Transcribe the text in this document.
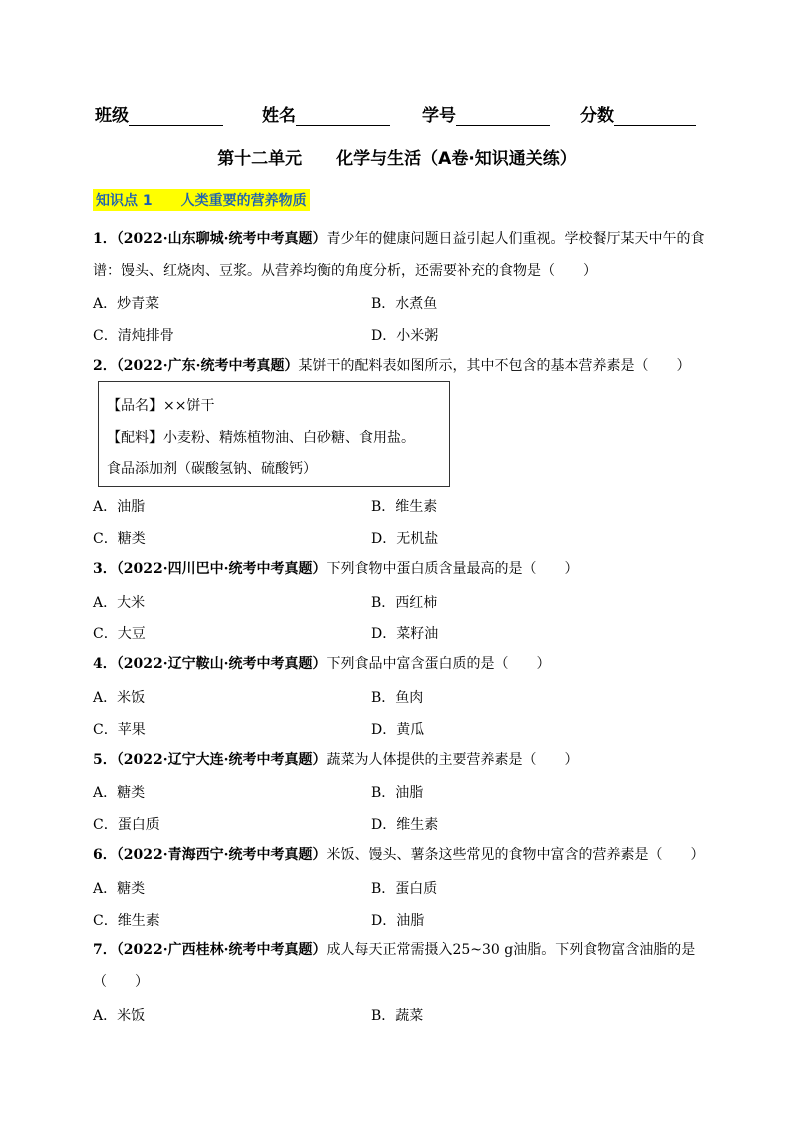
班级	姓名	学号	分数
第十二单元　　化学与生活（A卷·知识通关练）
知识点 1　　人类重要的营养物质
1．（2022·山东聊城·统考中考真题）青少年的健康问题日益引起人们重视。学校餐厅某天中午的食谱：馒头、红烧肉、豆浆。从营养均衡的角度分析，还需要补充的食物是（　　）
A．炒青菜	B．水煮鱼
C．清炖排骨	D．小米粥
2．（2022·广东·统考中考真题）某饼干的配料表如图所示，其中不包含的基本营养素是（　　）
【品名】××饼干
【配料】小麦粉、精炼植物油、白砂糖、食用盐。
食品添加剂（碳酸氢钠、硫酸钙）
A．油脂	B．维生素
C．糖类	D．无机盐
3．（2022·四川巴中·统考中考真题）下列食物中蛋白质含量最高的是（　　）
A．大米	B．西红柿
C．大豆	D．菜籽油
4．（2022·辽宁鞍山·统考中考真题）下列食品中富含蛋白质的是（　　）
A．米饭	B．鱼肉
C．苹果	D．黄瓜
5．（2022·辽宁大连·统考中考真题）蔬菜为人体提供的主要营养素是（　　）
A．糖类	B．油脂
C．蛋白质	D．维生素
6．（2022·青海西宁·统考中考真题）米饭、馒头、薯条这些常见的食物中富含的营养素是（　　）
A．糖类	B．蛋白质
C．维生素	D．油脂
7．（2022·广西桂林·统考中考真题）成人每天正常需摄入25~30 g油脂。下列食物富含油脂的是（　　）
A．米饭	B．蔬菜
